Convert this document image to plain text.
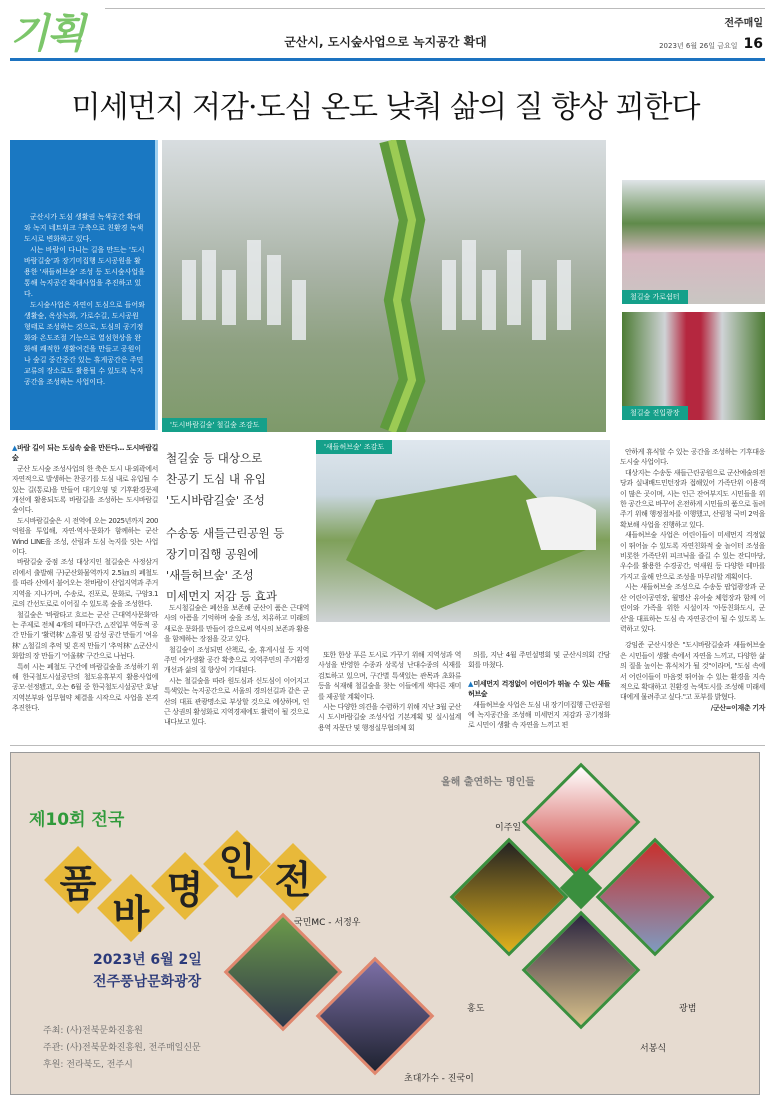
기획	군산시, 도시숲사업으로 녹지공간 확대
전주매일
2023년 6월 26일 금요일 16
미세먼지 저감·도심 온도 낮춰 삶의 질 향상 꾀한다

군산시가 도심 생활권 녹색공간 확대와 녹지 네트워크 구축으로 친환경 녹색도시로 변화하고 있다.

시는 바람이 다니는 길을 만드는 '도시바람길숲'과 장기미집행 도시공원을 활용한 '새들허브숲' 조성 등 도시숲사업을 통해 녹지공간 확대사업을 추진하고 있다.

도시숲사업은 자연이 도심으로 들어와 생활숲, 옥상녹화, 가로수길, 도시공원 형태로 조성하는 것으로, 도심의 공기정화와 온도조절 기능으로 열섬현상을 완화해 쾌적한 생활여건을 만들고 공원이나 숲길 중간중간 있는 휴게공간은 주민교류의 장소로도 활용될 수 있도록 녹지공간을 조성하는 사업이다.

'도시바람길숲' 철길숲 조감도
철길숲 가로쉼터
철길숲 진입광장

▲바람 길이 되는 도심속 숲을 만든다… 도시바람길숲

군산 도시숲 조성사업의 한 축은 도시 내·외곽에서 자연적으로 발생하는 찬공기를 도심 내로 유입될 수 있는 길(통로)을 만들어 대기오염 및 기후환경문제 개선에 활용되도록 바람길을 조성하는 도시바람길숲이다.

도시바람길숲은 시 전역에 오는 2025년까지 200억원을 투입해, 자연·역사·문화가 함께하는 군산 Wind LINE을 조성, 산림과 도심 녹지를 잇는 사업이다.

바람길숲 중점 조성 대상지인 철길숲은 사정삼거리에서 출발해 구)군산화물역까지 2.5㎞의 폐철도를 따라 산에서 불어오는 찬바람이 산업지역과 주거지역을 지나가며, 수송로, 진포로, 문화로, 구암3.1로의 간선도로로 이어질 수 있도록 숲을 조성한다.

철길숲은 '바람타고 흐르는 군산 근대역사문화'라는 주제로 전체 4개의 테마구간, △진입부 역동적 공간 만들기 '활력林' △휴림 및 감성 공간 만들기 '여유林' △철길의 추억 및 흔적 만들기 '추억林' △군산시 화합의 장 만들기 '어울林' 구간으로 나뉜다.

특히 시는 폐철도 구간에 바람길숲을 조성하기 위해 한국철도시설공단의 철도유휴부지 활용사업에 공모·선정됐고, 오는 6월 중 한국철도시설공단 호남지역본부와 업무협약 체결을 시작으로 사업을 본격 추진한다.

철길숲 등 대상으로
찬공기 도심 내 유입
'도시바람길숲' 조성
수송동 새들근린공원 등
장기미집행 공원에
'새들허브숲' 조성
미세먼지 저감 등 효과

도시철길숲은 폐선을 보존해 군산이 품은 근대역사의 아픔을 기억하며 숲을 조성, 치유하고 미래의 새로운 문화를 만들어 감으로써 역사의 보존과 활용을 함께하는 장점을 갖고 있다.

철길숲이 조성되면 산책로, 숲, 휴게시설 등 지역주민 여가생활 공간 확충으로 지역주민의 주거환경 개선과 삶의 질 향상이 기대된다.

시는 철길숲을 따라 원도심과 신도심이 이어지고 특색있는 녹지공간으로 서울의 경의선길과 같은 군산의 대표 관광명소로 부상할 것으로 예상하며, 인근 상권의 활성화로 지역경제에도 활력이 될 것으로 내다보고 있다.

'새들허브숲' 조감도

또한 한상 푸른 도시로 가꾸기 위해 지역성과 역사성을 반영한 수종과 상록성 난대수종의 식재를 검토하고 있으며, 구간별 특색있는 관목과 초화류 등을 식재해 철길숲을 찾는 이들에게 색다른 재미를 제공할 계획이다.

시는 다양한 의견을 수렴하기 위해 지난 3월 군산시 도시바람길숲 조성사업 기본계획 및 실시설계 용역 자문단 및 행정실무협의체 회

의를, 지난 4월 주민설명회 및 군산시의회 간담회를 마쳤다.

▲미세먼지 걱정없이 어린이가 뛰놀 수 있는 새들허브숲

새들허브숲 사업은 도심 내 장기미집행 근린공원에 녹지공간을 조성해 미세먼지 저감과 공기정화로 시민이 생활 속 자연을 느끼고 편

안하게 휴식할 수 있는 공간을 조성하는 기후대응 도시숲 사업이다.

대상지는 수송동 새들근린공원으로 군산예술의전당과 실내배드민턴장과 접해있어 가족단위 이용객이 많은 곳이며, 시는 인근 잔여부지도 시민들을 위한 공간으로 바꾸어 온전하게 시민들의 품으로 돌려주기 위해 행정절차를 이행했고, 산림청 국비 2억을 확보해 사업을 진행하고 있다.

새들허브숲 사업은 어린이들이 미세먼지 걱정없이 뛰어놀 수 있도록 자연친화적 숲 놀이터 조성을 비롯한 가족단위 피크닉을 즐길 수 있는 잔디마당, 우수를 활용한 수경공간, 억새원 등 다양한 테마를 가지고 올해 안으로 조성을 마무리할 계획이다.

시는 새들허브숲 조성으로 수송동 팝업광장과 군산 어린이공연장, 월명산 유아숲 체험장과 함께 어린이와 가족을 위한 시설이자 '아동친화도시, 군산'을 대표하는 도심 속 자연공간이 될 수 있도록 노력하고 있다.

강임준 군산시장은 "도시바람길숲과 새들허브숲은 시민들이 생활 속에서 자연을 느끼고, 다양한 삶의 질을 높이는 휴식처가 될 것"이라며, "도심 속에서 어린이들이 마음껏 뛰어놀 수 있는 환경을 지속적으로 확대하고 친환경 녹색도시를 조성해 미래세대에게 물려주고 싶다."고 포부를 밝혔다.

/군산=이재춘 기자
제10회 전국
품
바
명
인 전
2023년 6월 2일
전주풍남문화광장
주최: (사)전북문화진흥원
주관: (사)전북문화진흥원, 전주매일신문
후원: 전라북도, 전주시
올해 출연하는 명인들
국민MC - 서정우
초대가수 - 진국이
이주일
홍도	광범
서봉식
